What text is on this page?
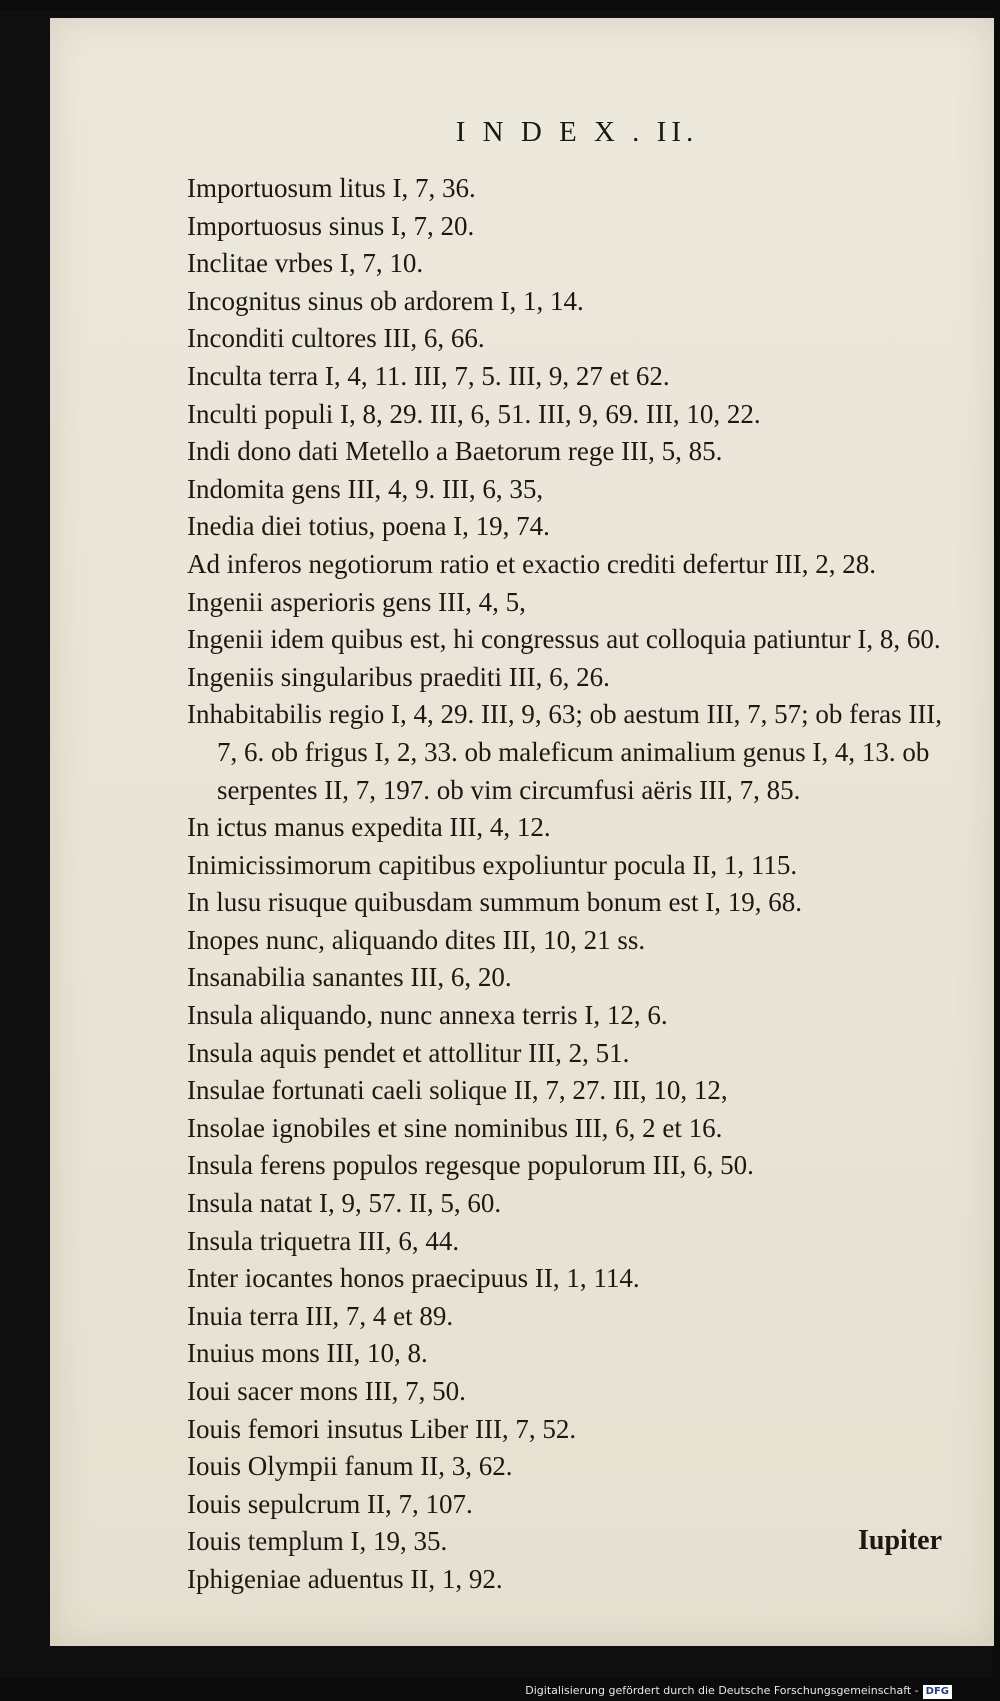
I N D E X . II.
Importuosum litus I, 7, 36.
Importuosus sinus I, 7, 20.
Inclitae vrbes I, 7, 10.
Incognitus sinus ob ardorem I, 1, 14.
Inconditi cultores III, 6, 66.
Inculta terra I, 4, 11. III, 7, 5. III, 9, 27 et 62.
Inculti populi I, 8, 29. III, 6, 51. III, 9, 69. III, 10, 22.
Indi dono dati Metello a Baetorum rege III, 5, 85.
Indomita gens III, 4, 9. III, 6, 35,
Inedia diei totius, poena I, 19, 74.
Ad inferos negotiorum ratio et exactio crediti defertur III, 2, 28.
Ingenii asperioris gens III, 4, 5,
Ingenii idem quibus est, hi congressus aut colloquia patiuntur I, 8, 60.
Ingeniis singularibus praediti III, 6, 26.
Inhabitabilis regio I, 4, 29. III, 9, 63; ob aestum III, 7, 57; ob feras III, 7, 6. ob frigus I, 2, 33. ob maleficum animalium genus I, 4, 13. ob serpentes II, 7, 197. ob vim circumfusi aëris III, 7, 85.
In ictus manus expedita III, 4, 12.
Inimicissimorum capitibus expoliuntur pocula II, 1, 115.
In lusu risuque quibusdam summum bonum est I, 19, 68.
Inopes nunc, aliquando dites III, 10, 21 ss.
Insanabilia sanantes III, 6, 20.
Insula aliquando, nunc annexa terris I, 12, 6.
Insula aquis pendet et attollitur III, 2, 51.
Insulae fortunati caeli solique II, 7, 27. III, 10, 12,
Insolae ignobiles et sine nominibus III, 6, 2 et 16.
Insula ferens populos regesque populorum III, 6, 50.
Insula natat I, 9, 57. II, 5, 60.
Insula triquetra III, 6, 44.
Inter iocantes honos praecipuus II, 1, 114.
Inuia terra III, 7, 4 et 89.
Inuius mons III, 10, 8.
Ioui sacer mons III, 7, 50.
Iouis femori insutus Liber III, 7, 52.
Iouis Olympii fanum II, 3, 62.
Iouis sepulcrum II, 7, 107.
Iouis templum I, 19, 35.
Iphigeniae aduentus II, 1, 92.
Iupiter
Digitalisierung gefördert durch die Deutsche Forschungsgemeinschaft - DFG
